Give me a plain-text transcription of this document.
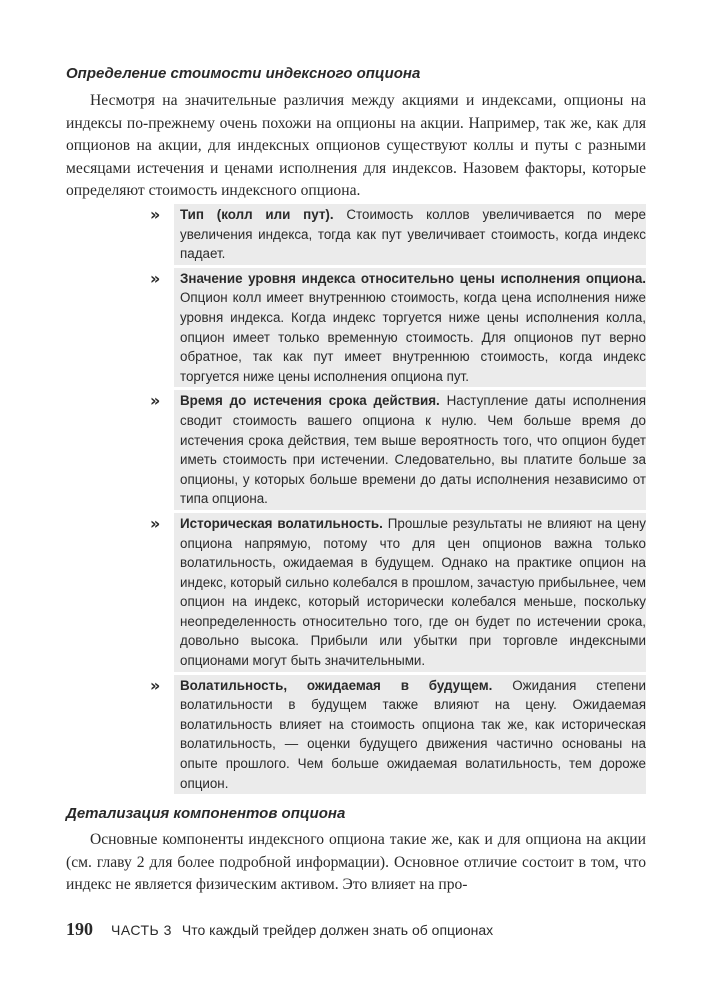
Определение стоимости индексного опциона

Несмотря на значительные различия между акциями и индексами, опционы на индексы по-прежнему очень похожи на опционы на акции. Например, так же, как для опционов на акции, для индексных опционов существуют коллы и путы с разными месяцами истечения и ценами исполнения для индексов. Назовем факторы, которые определяют стоимость индексного опциона.

»	Тип (колл или пут). Стоимость коллов увеличивается по мере увеличения индекса, тогда как пут увеличивает стоимость, когда индекс падает.
»	Значение уровня индекса относительно цены исполнения опциона. Опцион колл имеет внутреннюю стоимость, когда цена исполнения ниже уровня индекса. Когда индекс торгуется ниже цены исполнения колла, опцион имеет только временную стоимость. Для опционов пут верно обратное, так как пут имеет внутреннюю стоимость, когда индекс торгуется ниже цены исполнения опциона пут.
»	Время до истечения срока действия. Наступление даты исполнения сводит стоимость вашего опциона к нулю. Чем больше время до истечения срока действия, тем выше вероятность того, что опцион будет иметь стоимость при истечении. Следовательно, вы платите больше за опционы, у которых больше времени до даты исполнения независимо от типа опциона.
»	Историческая волатильность. Прошлые результаты не влияют на цену опциона напрямую, потому что для цен опционов важна только волатильность, ожидаемая в будущем. Однако на практике опцион на индекс, который сильно колебался в прошлом, зачастую прибыльнее, чем опцион на индекс, который исторически колебался меньше, поскольку неопределенность относительно того, где он будет по истечении срока, довольно высока. Прибыли или убытки при торговле индексными опционами могут быть значительными.
»	Волатильность, ожидаемая в будущем. Ожидания степени волатильности в будущем также влияют на цену. Ожидаемая волатильность влияет на стоимость опциона так же, как историческая волатильность, — оценки будущего движения частично основаны на опыте прошлого. Чем больше ожидаемая волатильность, тем дороже опцион.
Детализация компонентов опциона

Основные компоненты индексного опциона такие же, как и для опциона на акции (см. главу 2 для более подробной информации). Основное отличие состоит в том, что индекс не является физическим активом. Это влияет на про-

190 ЧАСТЬ 3 Что каждый трейдер должен знать об опционах
